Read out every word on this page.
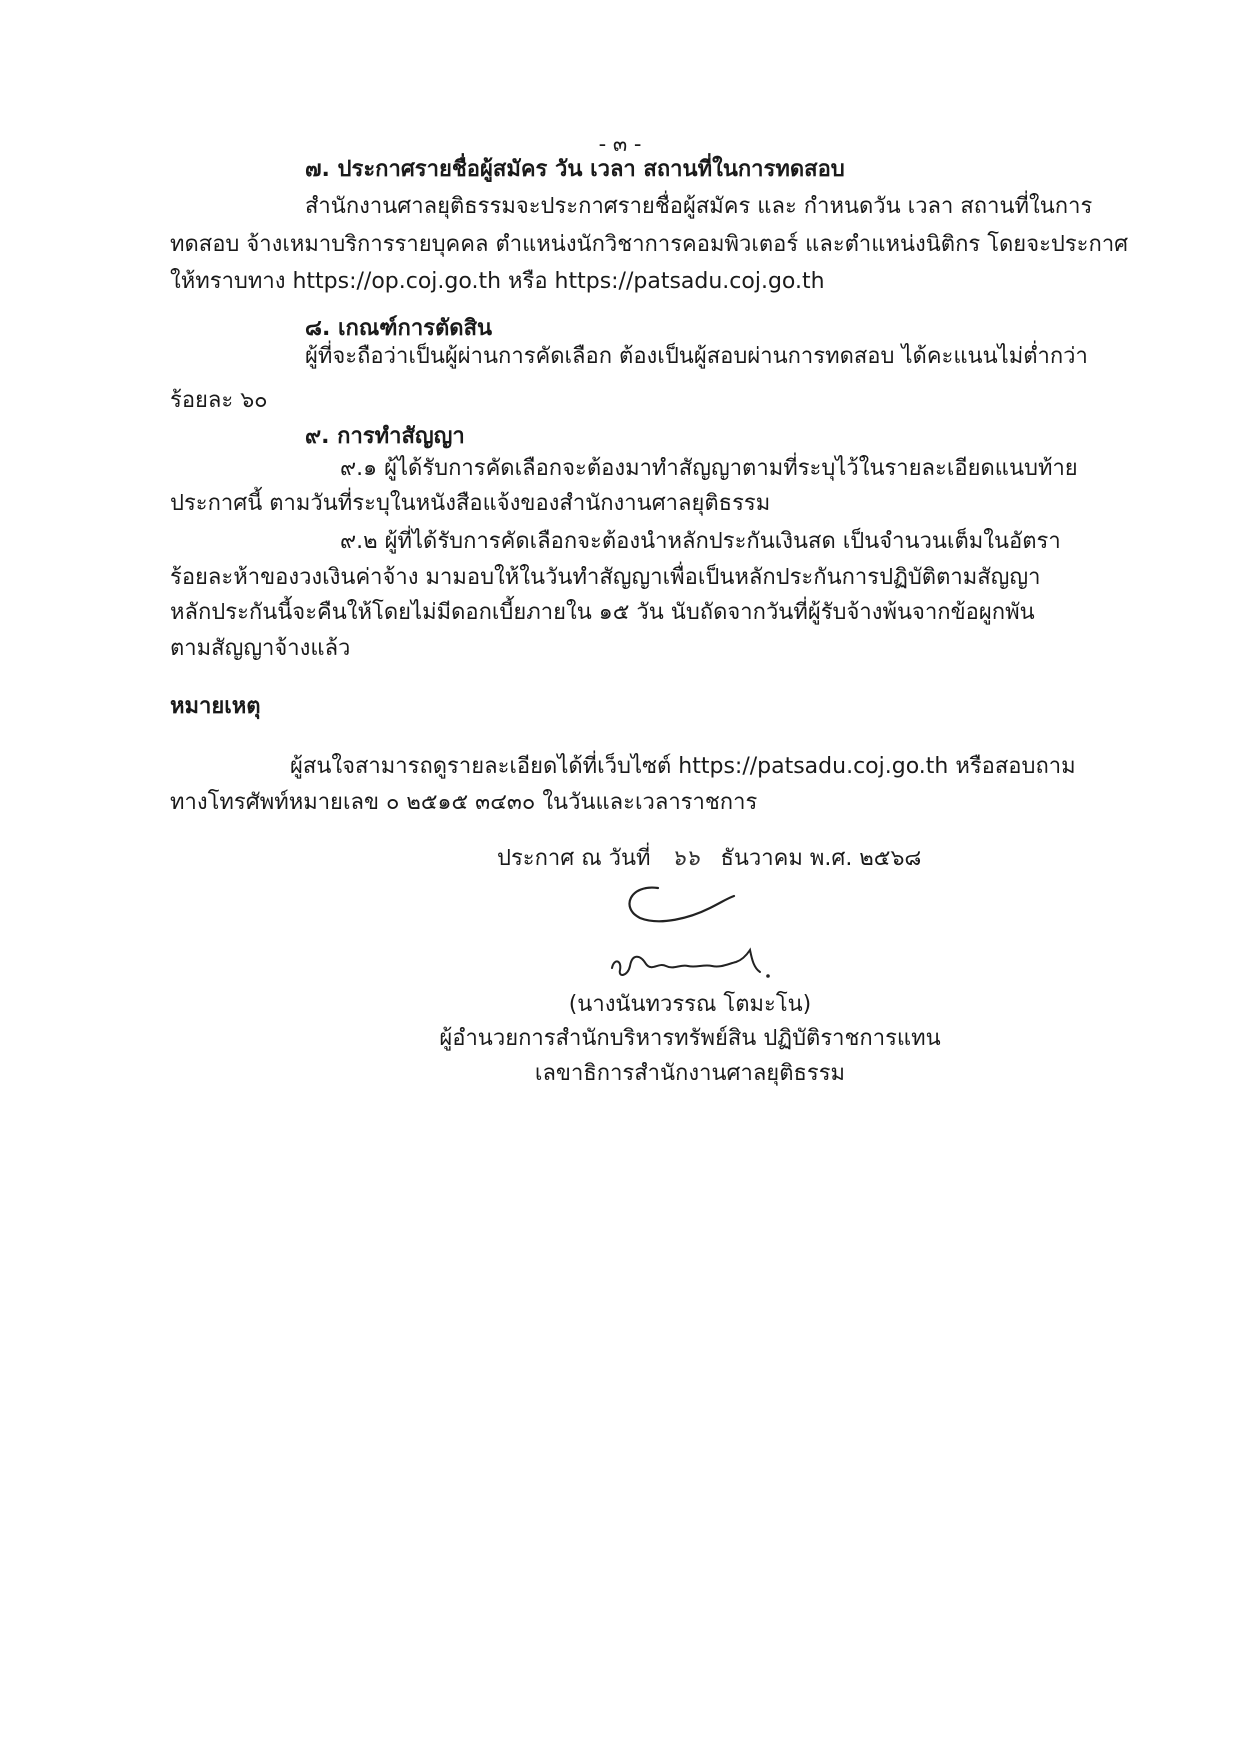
- ๓ -
๗. ประกาศรายชื่อผู้สมัคร วัน เวลา สถานที่ในการทดสอบ
สำนักงานศาลยุติธรรมจะประกาศรายชื่อผู้สมัคร และ กำหนดวัน เวลา สถานที่ในการ
ทดสอบ จ้างเหมาบริการรายบุคคล ตำแหน่งนักวิชาการคอมพิวเตอร์ และตำแหน่งนิติกร โดยจะประกาศ
ให้ทราบทาง https://op.coj.go.th หรือ https://patsadu.coj.go.th
๘. เกณฑ์การตัดสิน
ผู้ที่จะถือว่าเป็นผู้ผ่านการคัดเลือก ต้องเป็นผู้สอบผ่านการทดสอบ ได้คะแนนไม่ต่ำกว่า
ร้อยละ ๖๐
๙. การทำสัญญา
๙.๑ ผู้ได้รับการคัดเลือกจะต้องมาทำสัญญาตามที่ระบุไว้ในรายละเอียดแนบท้าย
ประกาศนี้ ตามวันที่ระบุในหนังสือแจ้งของสำนักงานศาลยุติธรรม
๙.๒ ผู้ที่ได้รับการคัดเลือกจะต้องนำหลักประกันเงินสด เป็นจำนวนเต็มในอัตรา
ร้อยละห้าของวงเงินค่าจ้าง มามอบให้ในวันทำสัญญาเพื่อเป็นหลักประกันการปฏิบัติตามสัญญา
หลักประกันนี้จะคืนให้โดยไม่มีดอกเบี้ยภายใน ๑๕ วัน นับถัดจากวันที่ผู้รับจ้างพ้นจากข้อผูกพัน
ตามสัญญาจ้างแล้ว
หมายเหตุ
ผู้สนใจสามารถดูรายละเอียดได้ที่เว็บไซต์ https://patsadu.coj.go.th หรือสอบถาม
ทางโทรศัพท์หมายเลข ๐ ๒๕๑๕ ๓๔๓๐ ในวันและเวลาราชการ
ประกาศ ณ วันที่ ๖๖ ธันวาคม พ.ศ. ๒๕๖๘
(นางนันทวรรณ โตมะโน)
ผู้อำนวยการสำนักบริหารทรัพย์สิน ปฏิบัติราชการแทน
เลขาธิการสำนักงานศาลยุติธรรม
